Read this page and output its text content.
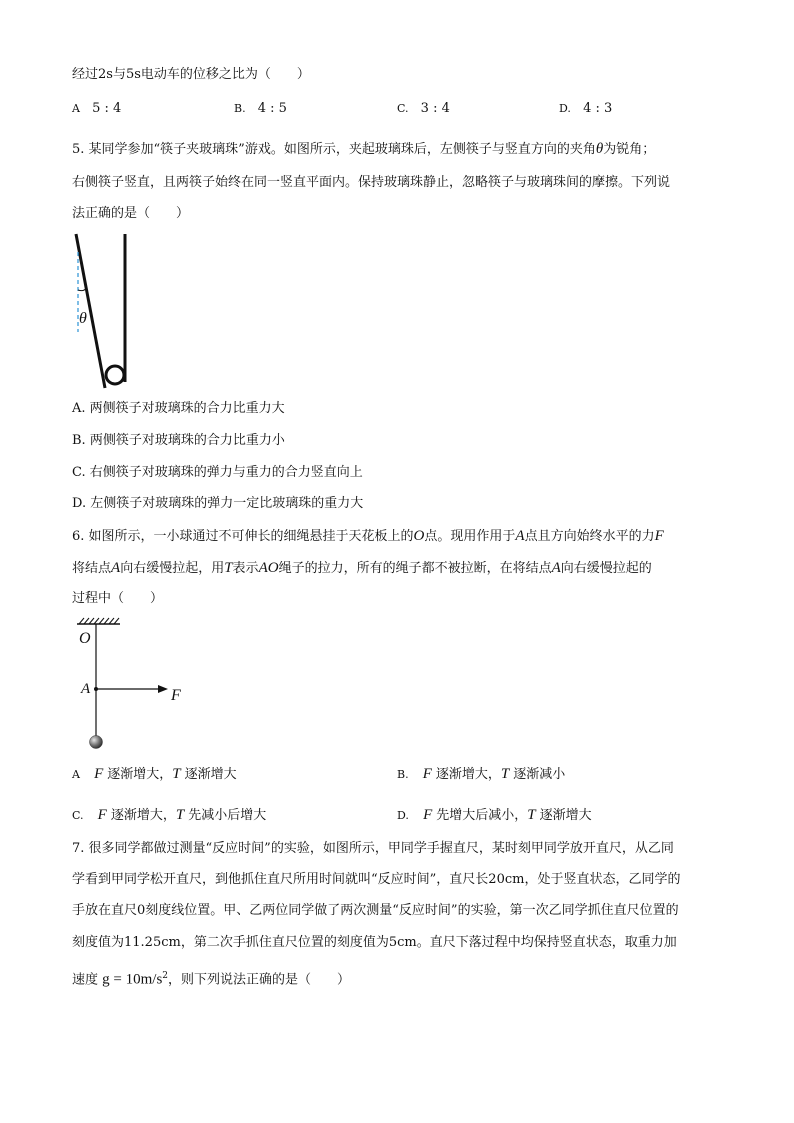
经过2s与5s电动车的位移之比为（　　）
A 5 : 4	B. 4 : 5	C. 3 : 4	D. 4 : 3
5. 某同学参加“筷子夹玻璃珠”游戏。如图所示，夹起玻璃珠后，左侧筷子与竖直方向的夹角θ为锐角；
右侧筷子竖直，且两筷子始终在同一竖直平面内。保持玻璃珠静止，忽略筷子与玻璃珠间的摩擦。下列说
法正确的是（　　）
θ
A. 两侧筷子对玻璃珠的合力比重力大
B. 两侧筷子对玻璃珠的合力比重力小
C. 右侧筷子对玻璃珠的弹力与重力的合力竖直向上
D. 左侧筷子对玻璃珠的弹力一定比玻璃珠的重力大
6. 如图所示，一小球通过不可伸长的细绳悬挂于天花板上的O点。现用作用于A点且方向始终水平的力F
将结点A向右缓慢拉起，用T表示AO绳子的拉力，所有的绳子都不被拉断，在将结点A向右缓慢拉起的
过程中（　　）
O
A	F
A F 逐渐增大，T 逐渐增大	B. F 逐渐增大，T 逐渐减小
C. F 逐渐增大，T 先减小后增大	D. F 先增大后减小，T 逐渐增大
7. 很多同学都做过测量“反应时间”的实验，如图所示，甲同学手握直尺，某时刻甲同学放开直尺，从乙同
学看到甲同学松开直尺，到他抓住直尺所用时间就叫“反应时间”，直尺长20cm，处于竖直状态，乙同学的
手放在直尺0刻度线位置。甲、乙两位同学做了两次测量“反应时间”的实验，第一次乙同学抓住直尺位置的
刻度值为11.25cm，第二次手抓住直尺位置的刻度值为5cm。直尺下落过程中均保持竖直状态，取重力加
速度 $g = 10m/s^2$，则下列说法正确的是（　　）
